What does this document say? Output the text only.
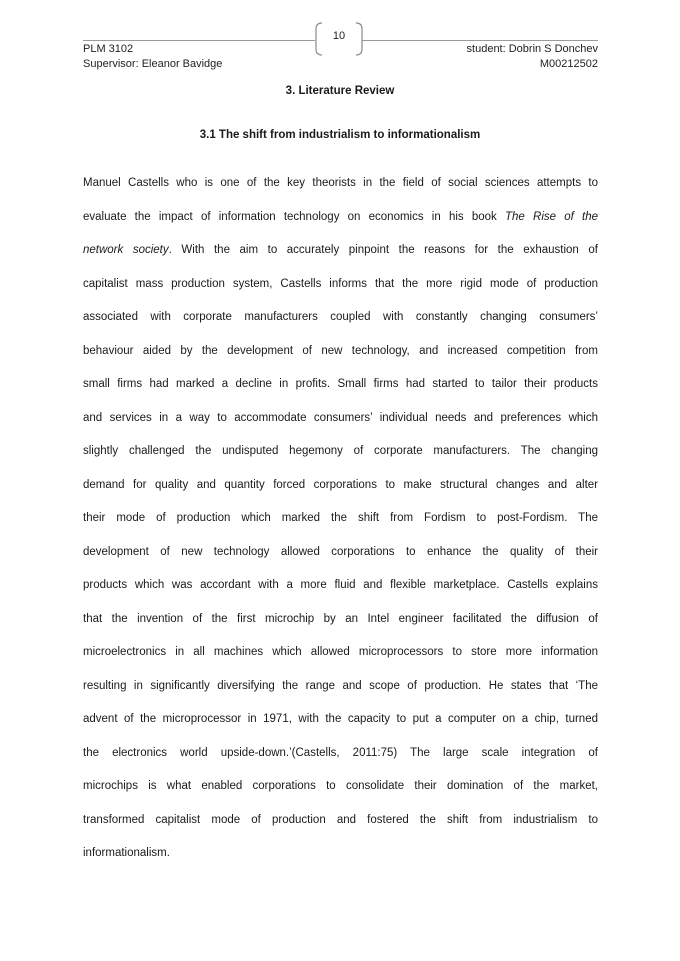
10
PLM 3102
Supervisor: Eleanor Bavidge
student: Dobrin S Donchev
M00212502
3. Literature Review
3.1 The shift from industrialism to informationalism
Manuel Castells who is one of the key theorists in the field of social sciences attempts to
evaluate the impact of information technology on economics in his book The Rise of the
network society. With the aim to accurately pinpoint the reasons for the exhaustion of
capitalist mass production system, Castells informs that the more rigid mode of production
associated with corporate manufacturers coupled with constantly changing consumers’
behaviour aided by the development of new technology, and increased competition from
small firms had marked a decline in profits. Small firms had started to tailor their products
and services in a way to accommodate consumers’ individual needs and preferences which
slightly challenged the undisputed hegemony of corporate manufacturers. The changing
demand for quality and quantity forced corporations to make structural changes and alter
their mode of production which marked the shift from Fordism to post-Fordism. The
development of new technology allowed corporations to enhance the quality of their
products which was accordant with a more fluid and flexible marketplace. Castells explains
that the invention of the first microchip by an Intel engineer facilitated the diffusion of
microelectronics in all machines which allowed microprocessors to store more information
resulting in significantly diversifying the range and scope of production. He states that ‘The
advent of the microprocessor in 1971, with the capacity to put a computer on a chip, turned
the electronics world upside-down.’(Castells, 2011:75) The large scale integration of
microchips is what enabled corporations to consolidate their domination of the market,
transformed capitalist mode of production and fostered the shift from industrialism to
informationalism.
